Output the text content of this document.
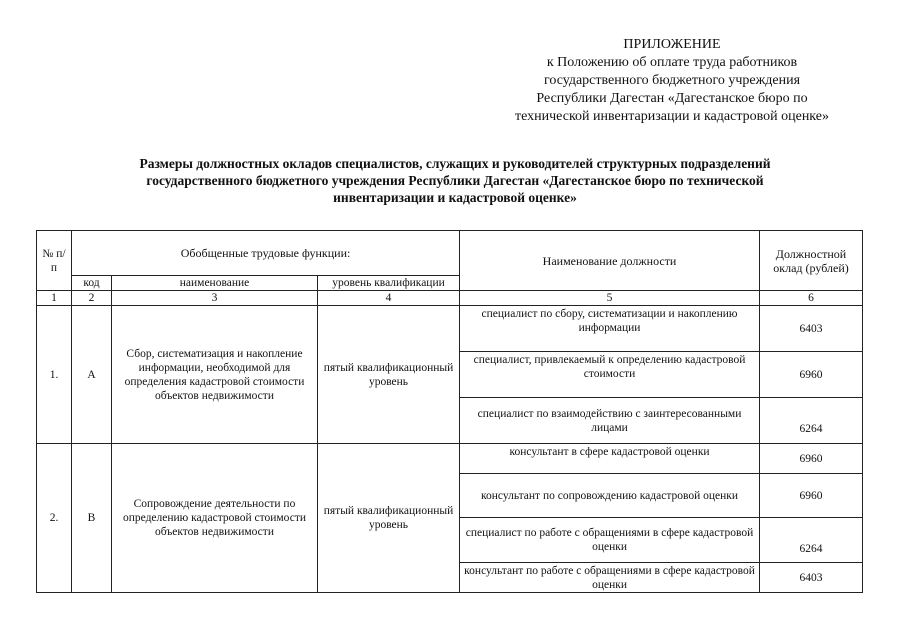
ПРИЛОЖЕНИЕ
к Положению об оплате труда работников
государственного бюджетного учреждения
Республики Дагестан «Дагестанское бюро по
технической инвентаризации и кадастровой оценке»
Размеры должностных окладов специалистов, служащих и руководителей структурных подразделений
государственного бюджетного учреждения Республики Дагестан «Дагестанское бюро по технической
инвентаризации и кадастровой оценке»
№ п/п	Обобщенные трудовые функции:			Наименование должности	Должностной оклад (рублей)
	код	наименование	уровень квалификации		
1	2	3	4	5	6
1.	А	Сбор, систематизация и накопление информации, необходимой для определения кадастровой стоимости объектов недвижимости	пятый квалификационный уровень	специалист по сбору, систематизации и накоплению информации	6403
				специалист, привлекаемый к определению кадастровой стоимости	6960
				специалист по взаимодействию с заинтересованными лицами	6264
2.	В	Сопровождение деятельности по определению кадастровой стоимости объектов недвижимости	пятый квалификационный уровень	консультант в сфере кадастровой оценки	6960
				консультант по сопровождению кадастровой оценки	6960
				специалист по работе с обращениями в сфере кадастровой оценки	6264
				консультант по работе с обращениями в сфере кадастровой оценки	6403
